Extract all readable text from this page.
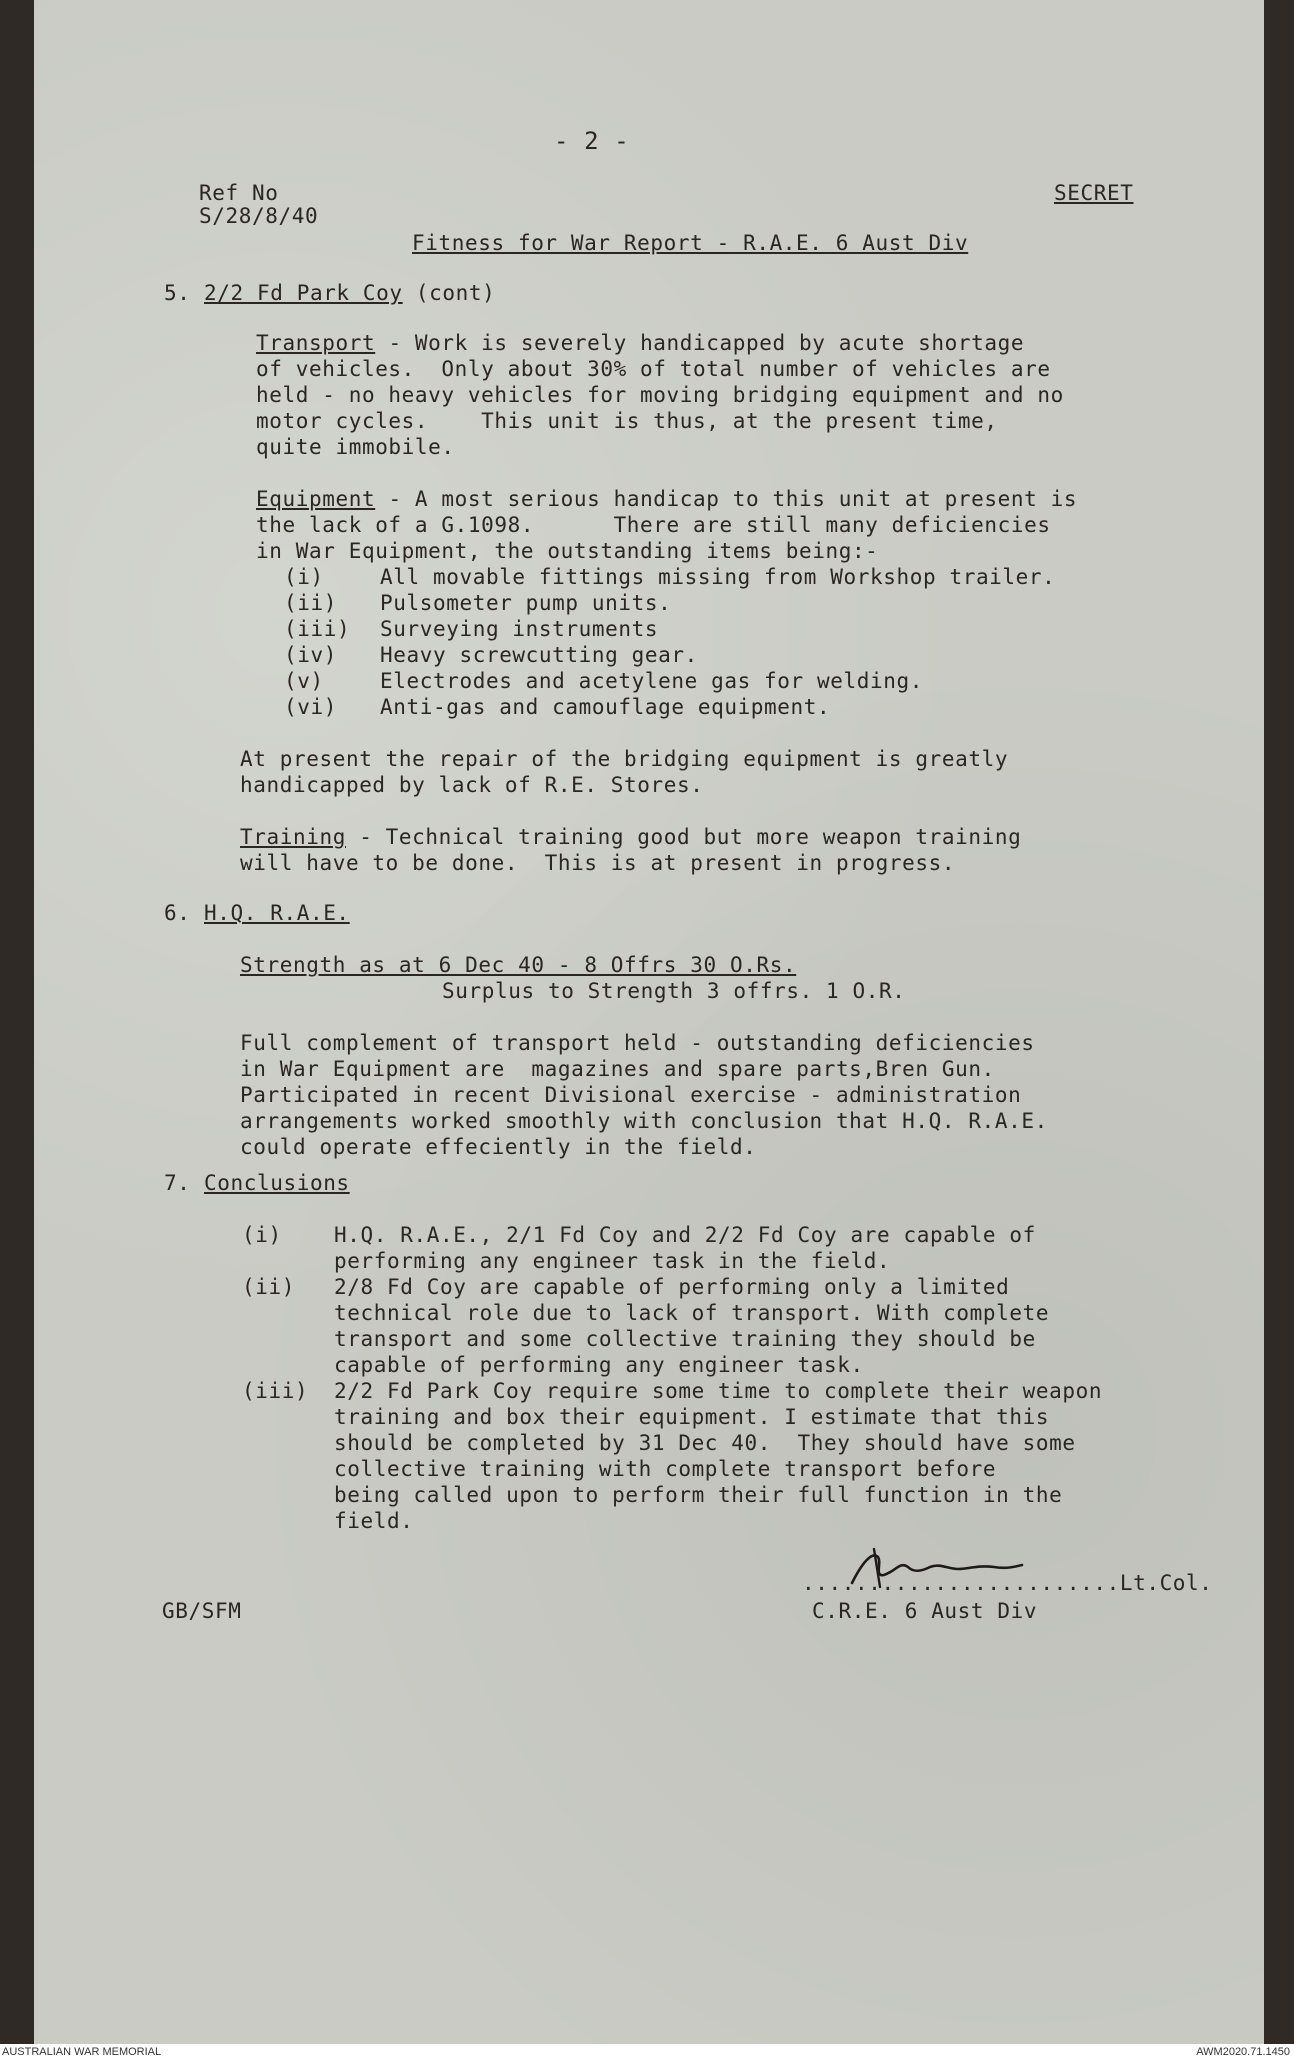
- 2 -
Ref No
S/28/8/40
SECRET
Fitness for War Report - R.A.E. 6 Aust Div
5. 2/2 Fd Park Coy (cont)
Transport - Work is severely handicapped by acute shortage
of vehicles.  Only about 30% of total number of vehicles are
held - no heavy vehicles for moving bridging equipment and no
motor cycles.    This unit is thus, at the present time,
quite immobile.
Equipment - A most serious handicap to this unit at present is
the lack of a G.1098.      There are still many deficiencies
in War Equipment, the outstanding items being:-
(i)	All movable fittings missing from Workshop trailer.
(ii) Pulsometer pump units.
(iii) Surveying instruments
(iv) Heavy screwcutting gear.
(v)	Electrodes and acetylene gas for welding.
(vi) Anti-gas and camouflage equipment.
At present the repair of the bridging equipment is greatly
handicapped by lack of R.E. Stores.
Training - Technical training good but more weapon training
will have to be done.  This is at present in progress.
6. H.Q. R.A.E.
Strength as at 6 Dec 40 - 8 Offrs 30 O.Rs.
Surplus to Strength 3 offrs. 1 O.R.
Full complement of transport held - outstanding deficiencies
in War Equipment are  magazines and spare parts,Bren Gun.
Participated in recent Divisional exercise - administration
arrangements worked smoothly with conclusion that H.Q. R.A.E.
could operate effeciently in the field.
7. Conclusions
(i) H.Q. R.A.E., 2/1 Fd Coy and 2/2 Fd Coy are capable of
performing any engineer task in the field.
(ii) 2/8 Fd Coy are capable of performing only a limited
technical role due to lack of transport. With complete
transport and some collective training they should be
capable of performing any engineer task.
(iii) 2/2 Fd Park Coy require some time to complete their weapon
training and box their equipment. I estimate that this
should be completed by 31 Dec 40.  They should have some
collective training with complete transport before
being called upon to perform their full function in the
field.
GB/SFM
........................Lt.Col.
C.R.E. 6 Aust Div
AUSTRALIAN WAR MEMORIAL	AWM2020.71.1450
